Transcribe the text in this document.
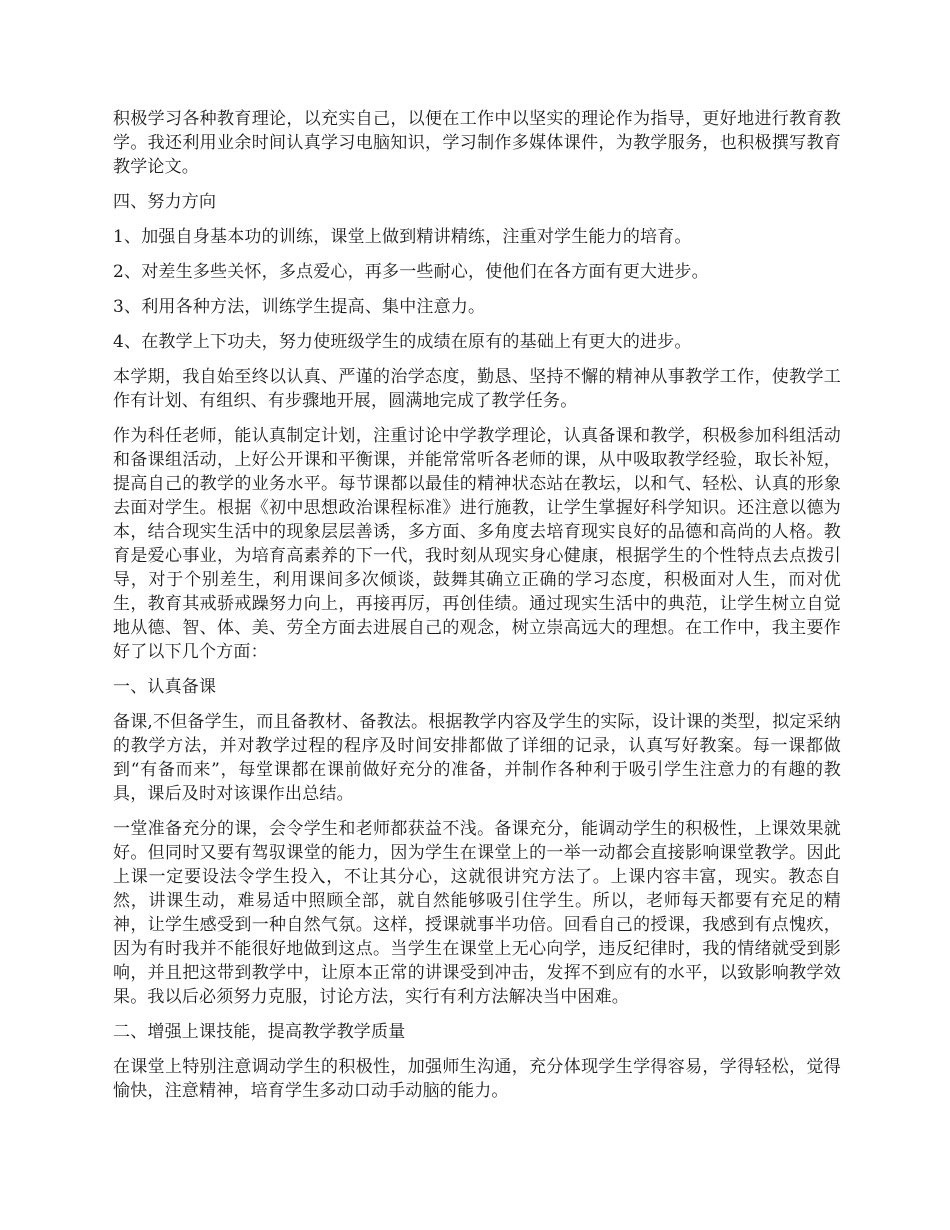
积极学习各种教育理论，以充实自己，以便在工作中以坚实的理论作为指导，更好地进行教育教学。我还利用业余时间认真学习电脑知识，学习制作多媒体课件，为教学服务，也积极撰写教育教学论文。

四、努力方向

1、加强自身基本功的训练，课堂上做到精讲精练，注重对学生能力的培育。

2、对差生多些关怀，多点爱心，再多一些耐心，使他们在各方面有更大进步。

3、利用各种方法，训练学生提高、集中注意力。

4、在教学上下功夫，努力使班级学生的成绩在原有的基础上有更大的进步。

本学期，我自始至终以认真、严谨的治学态度，勤恳、坚持不懈的精神从事教学工作，使教学工作有计划、有组织、有步骤地开展，圆满地完成了教学任务。

作为科任老师，能认真制定计划，注重讨论中学教学理论，认真备课和教学，积极参加科组活动和备课组活动，上好公开课和平衡课，并能常常听各老师的课，从中吸取教学经验，取长补短，提高自己的教学的业务水平。每节课都以最佳的精神状态站在教坛，以和气、轻松、认真的形象去面对学生。根据《初中思想政治课程标准》进行施教，让学生掌握好科学知识。还注意以德为本，结合现实生活中的现象层层善诱，多方面、多角度去培育现实良好的品德和高尚的人格。教育是爱心事业，为培育高素养的下一代，我时刻从现实身心健康，根据学生的个性特点去点拨引导，对于个别差生，利用课间多次倾谈，鼓舞其确立正确的学习态度，积极面对人生，而对优生，教育其戒骄戒躁努力向上，再接再厉，再创佳绩。通过现实生活中的典范，让学生树立自觉地从德、智、体、美、劳全方面去进展自己的观念，树立崇高远大的理想。在工作中，我主要作好了以下几个方面：

一、认真备课

备课,不但备学生，而且备教材、备教法。根据教学内容及学生的实际，设计课的类型，拟定采纳的教学方法，并对教学过程的程序及时间安排都做了详细的记录，认真写好教案。每一课都做到“有备而来”，每堂课都在课前做好充分的准备，并制作各种利于吸引学生注意力的有趣的教具，课后及时对该课作出总结。

一堂准备充分的课，会令学生和老师都获益不浅。备课充分，能调动学生的积极性，上课效果就好。但同时又要有驾驭课堂的能力，因为学生在课堂上的一举一动都会直接影响课堂教学。因此上课一定要设法令学生投入，不让其分心，这就很讲究方法了。上课内容丰富，现实。教态自然，讲课生动，难易适中照顾全部，就自然能够吸引住学生。所以，老师每天都要有充足的精神，让学生感受到一种自然气氛。这样，授课就事半功倍。回看自己的授课，我感到有点愧疚，因为有时我并不能很好地做到这点。当学生在课堂上无心向学，违反纪律时，我的情绪就受到影响，并且把这带到教学中，让原本正常的讲课受到冲击，发挥不到应有的水平，以致影响教学效果。我以后必须努力克服，讨论方法，实行有利方法解决当中困难。

二、增强上课技能，提高教学教学质量

在课堂上特别注意调动学生的积极性，加强师生沟通，充分体现学生学得容易，学得轻松，觉得愉快，注意精神，培育学生多动口动手动脑的能力。
